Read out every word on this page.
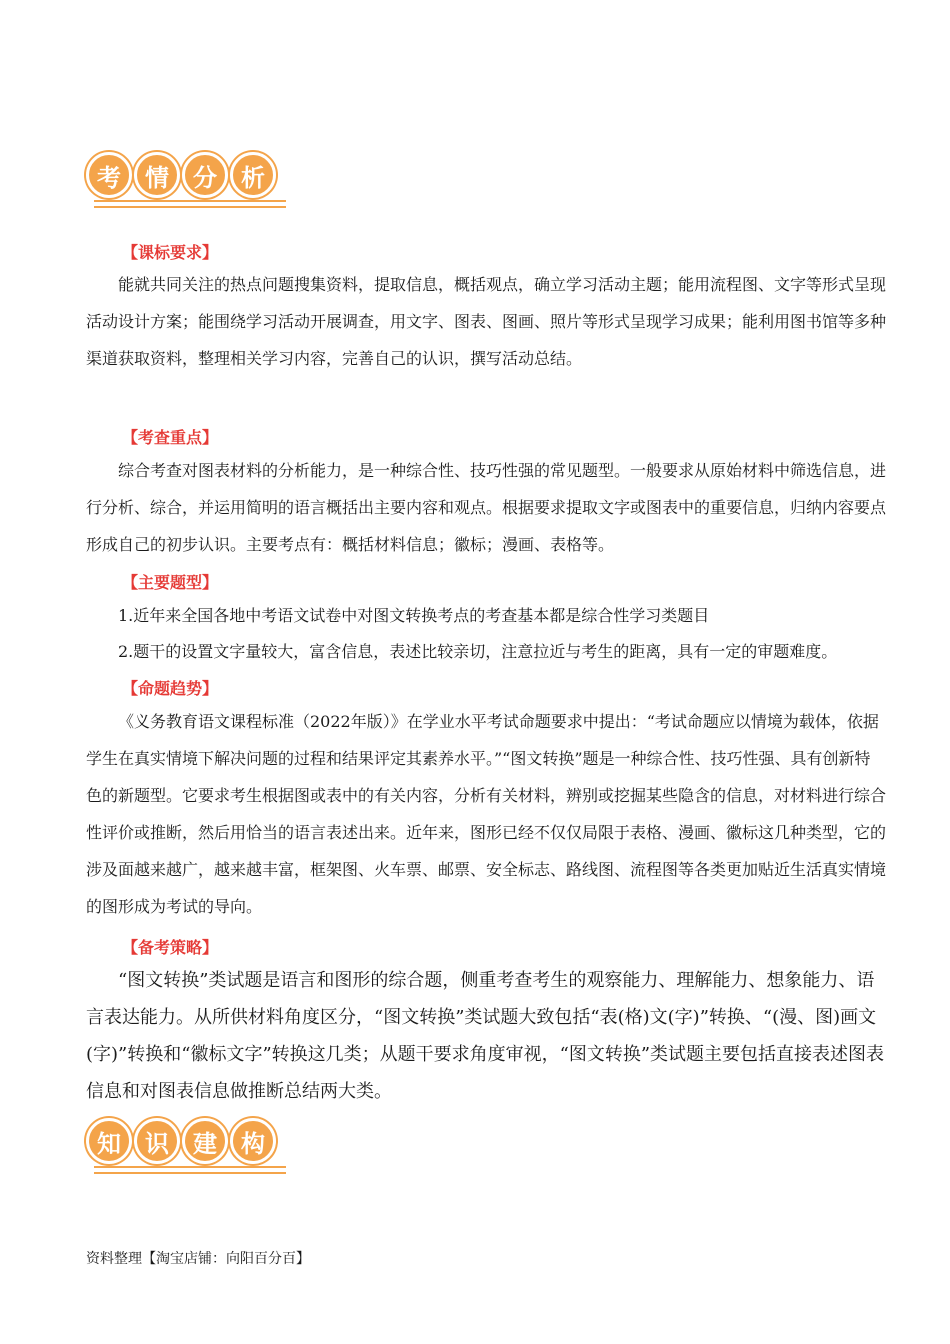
考	情	分	析
【课标要求】

能就共同关注的热点问题搜集资料，提取信息，概括观点，确立学习活动主题；能用流程图、文字等形式呈现活动设计方案；能围绕学习活动开展调查，用文字、图表、图画、照片等形式呈现学习成果；能利用图书馆等多种渠道获取资料，整理相关学习内容，完善自己的认识，撰写活动总结。

【考查重点】

综合考查对图表材料的分析能力，是一种综合性、技巧性强的常见题型。一般要求从原始材料中筛选信息，进行分析、综合，并运用简明的语言概括出主要内容和观点。根据要求提取文字或图表中的重要信息，归纳内容要点形成自己的初步认识。主要考点有：概括材料信息；徽标；漫画、表格等。

【主要题型】
1.近年来全国各地中考语文试卷中对图文转换考点的考查基本都是综合性学习类题目
2.题干的设置文字量较大，富含信息，表述比较亲切，注意拉近与考生的距离，具有一定的审题难度。
【命题趋势】

《义务教育语文课程标准（2022年版）》在学业水平考试命题要求中提出：“考试命题应以情境为载体，依据学生在真实情境下解决问题的过程和结果评定其素养水平。”“图文转换”题是一种综合性、技巧性强、具有创新特色的新题型。它要求考生根据图或表中的有关内容，分析有关材料，辨别或挖掘某些隐含的信息，对材料进行综合性评价或推断，然后用恰当的语言表述出来。近年来，图形已经不仅仅局限于表格、漫画、徽标这几种类型，它的涉及面越来越广，越来越丰富，框架图、火车票、邮票、安全标志、路线图、流程图等各类更加贴近生活真实情境的图形成为考试的导向。

【备考策略】

“图文转换”类试题是语言和图形的综合题，侧重考查考生的观察能力、理解能力、想象能力、语言表达能力。从所供材料角度区分，“图文转换”类试题大致包括“表(格)文(字)”转换、“(漫、图)画文(字)”转换和“徽标文字”转换这几类；从题干要求角度审视，“图文转换”类试题主要包括直接表述图表信息和对图表信息做推断总结两大类。

知	识	建	构
资料整理【淘宝店铺：向阳百分百】
